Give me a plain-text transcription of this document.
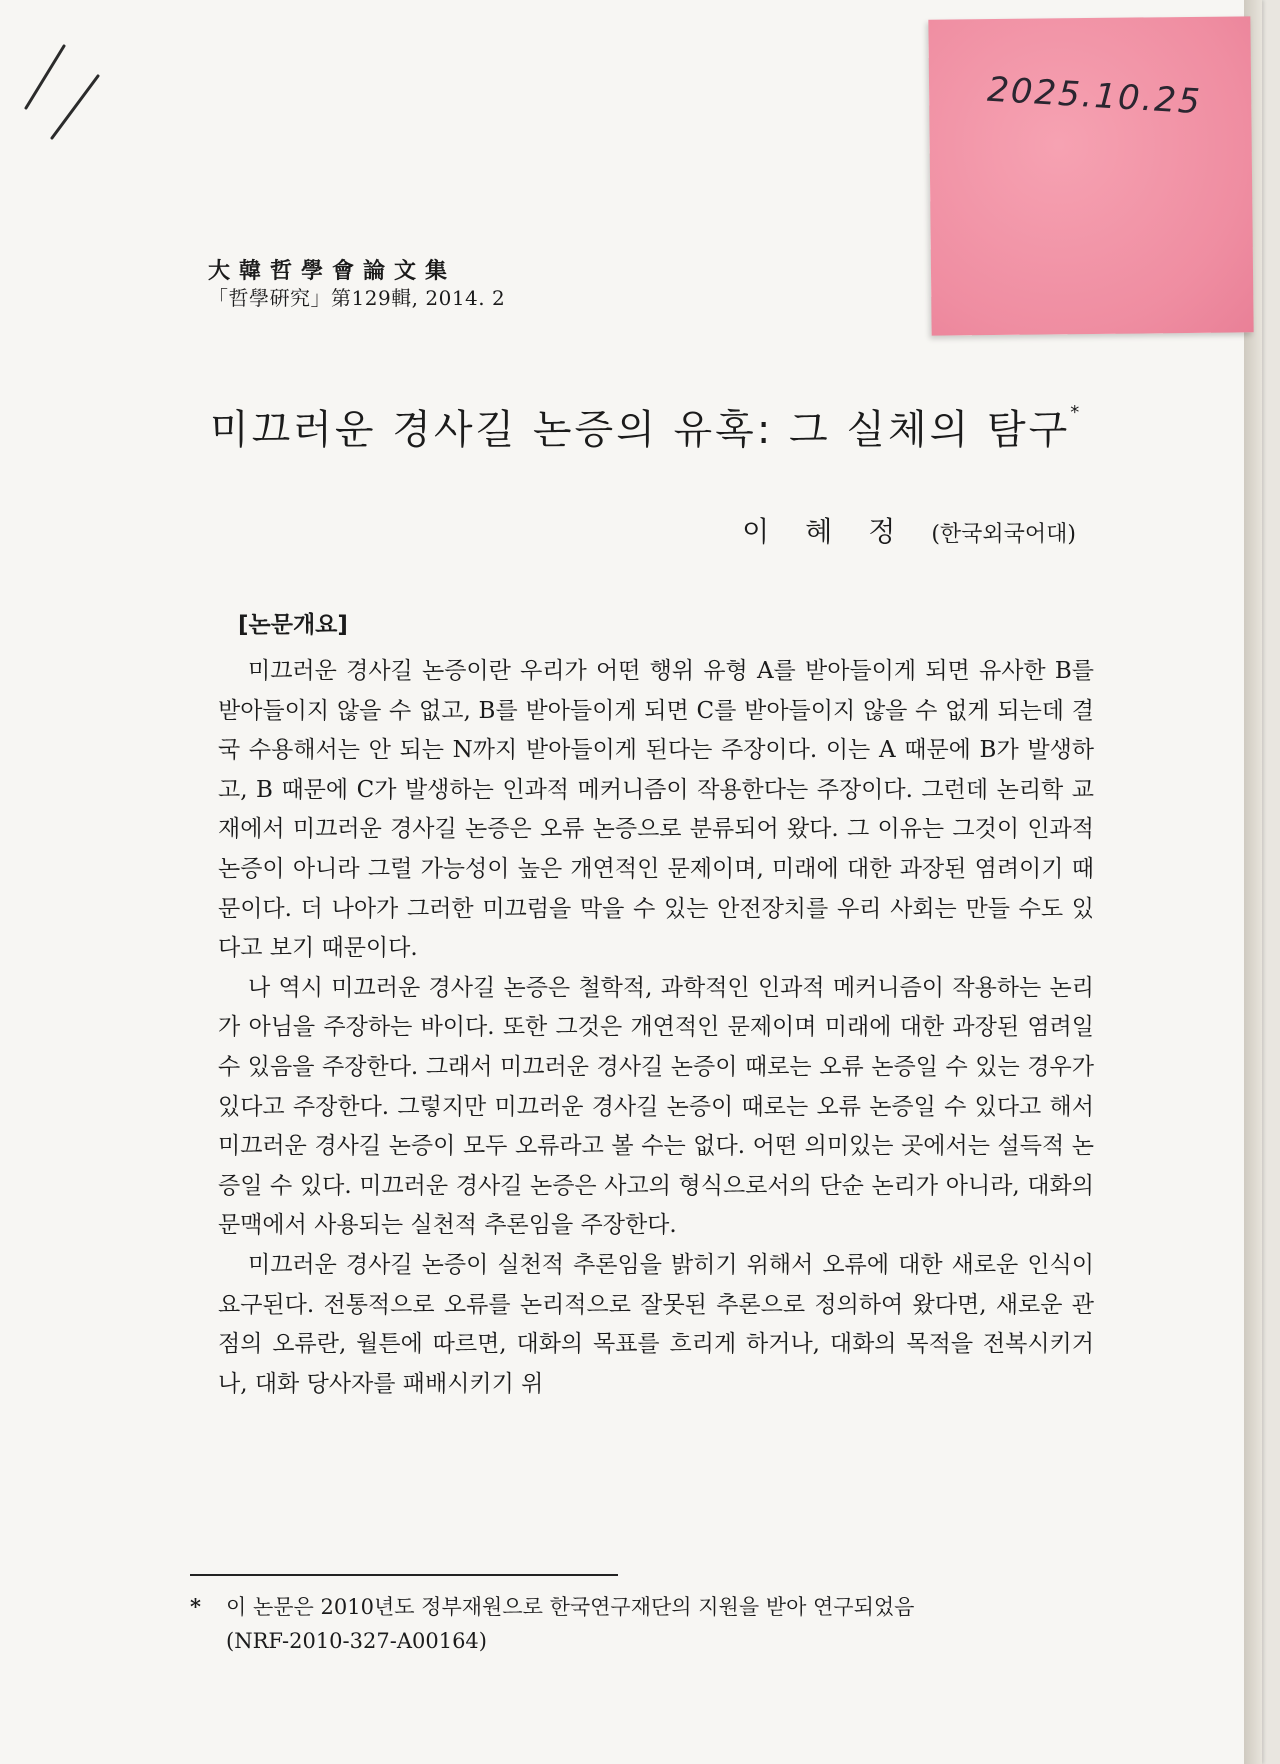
2025.10.25
大韓哲學會論文集
「哲學硏究」第129輯, 2014. 2
미끄러운 경사길 논증의 유혹: 그 실체의 탐구*
이혜정(한국외국어대)
[논문개요]

미끄러운 경사길 논증이란 우리가 어떤 행위 유형 A를 받아들이게 되면 유사한 B를 받아들이지 않을 수 없고, B를 받아들이게 되면 C를 받아들이지 않을 수 없게 되는데 결국 수용해서는 안 되는 N까지 받아들이게 된다는 주장이다. 이는 A 때문에 B가 발생하고, B 때문에 C가 발생하는 인과적 메커니즘이 작용한다는 주장이다. 그런데 논리학 교재에서 미끄러운 경사길 논증은 오류 논증으로 분류되어 왔다. 그 이유는 그것이 인과적 논증이 아니라 그럴 가능성이 높은 개연적인 문제이며, 미래에 대한 과장된 염려이기 때문이다. 더 나아가 그러한 미끄럼을 막을 수 있는 안전장치를 우리 사회는 만들 수도 있다고 보기 때문이다.

나 역시 미끄러운 경사길 논증은 철학적, 과학적인 인과적 메커니즘이 작용하는 논리가 아님을 주장하는 바이다. 또한 그것은 개연적인 문제이며 미래에 대한 과장된 염려일 수 있음을 주장한다. 그래서 미끄러운 경사길 논증이 때로는 오류 논증일 수 있는 경우가 있다고 주장한다. 그렇지만 미끄러운 경사길 논증이 때로는 오류 논증일 수 있다고 해서 미끄러운 경사길 논증이 모두 오류라고 볼 수는 없다. 어떤 의미있는 곳에서는 설득적 논증일 수 있다. 미끄러운 경사길 논증은 사고의 형식으로서의 단순 논리가 아니라, 대화의 문맥에서 사용되는 실천적 추론임을 주장한다.

미끄러운 경사길 논증이 실천적 추론임을 밝히기 위해서 오류에 대한 새로운 인식이 요구된다. 전통적으로 오류를 논리적으로 잘못된 추론으로 정의하여 왔다면, 새로운 관점의 오류란, 월튼에 따르면, 대화의 목표를 흐리게 하거나, 대화의 목적을 전복시키거나, 대화 당사자를 패배시키기 위

* 이 논문은 2010년도 정부재원으로 한국연구재단의 지원을 받아 연구되었음
(NRF-2010-327-A00164)
